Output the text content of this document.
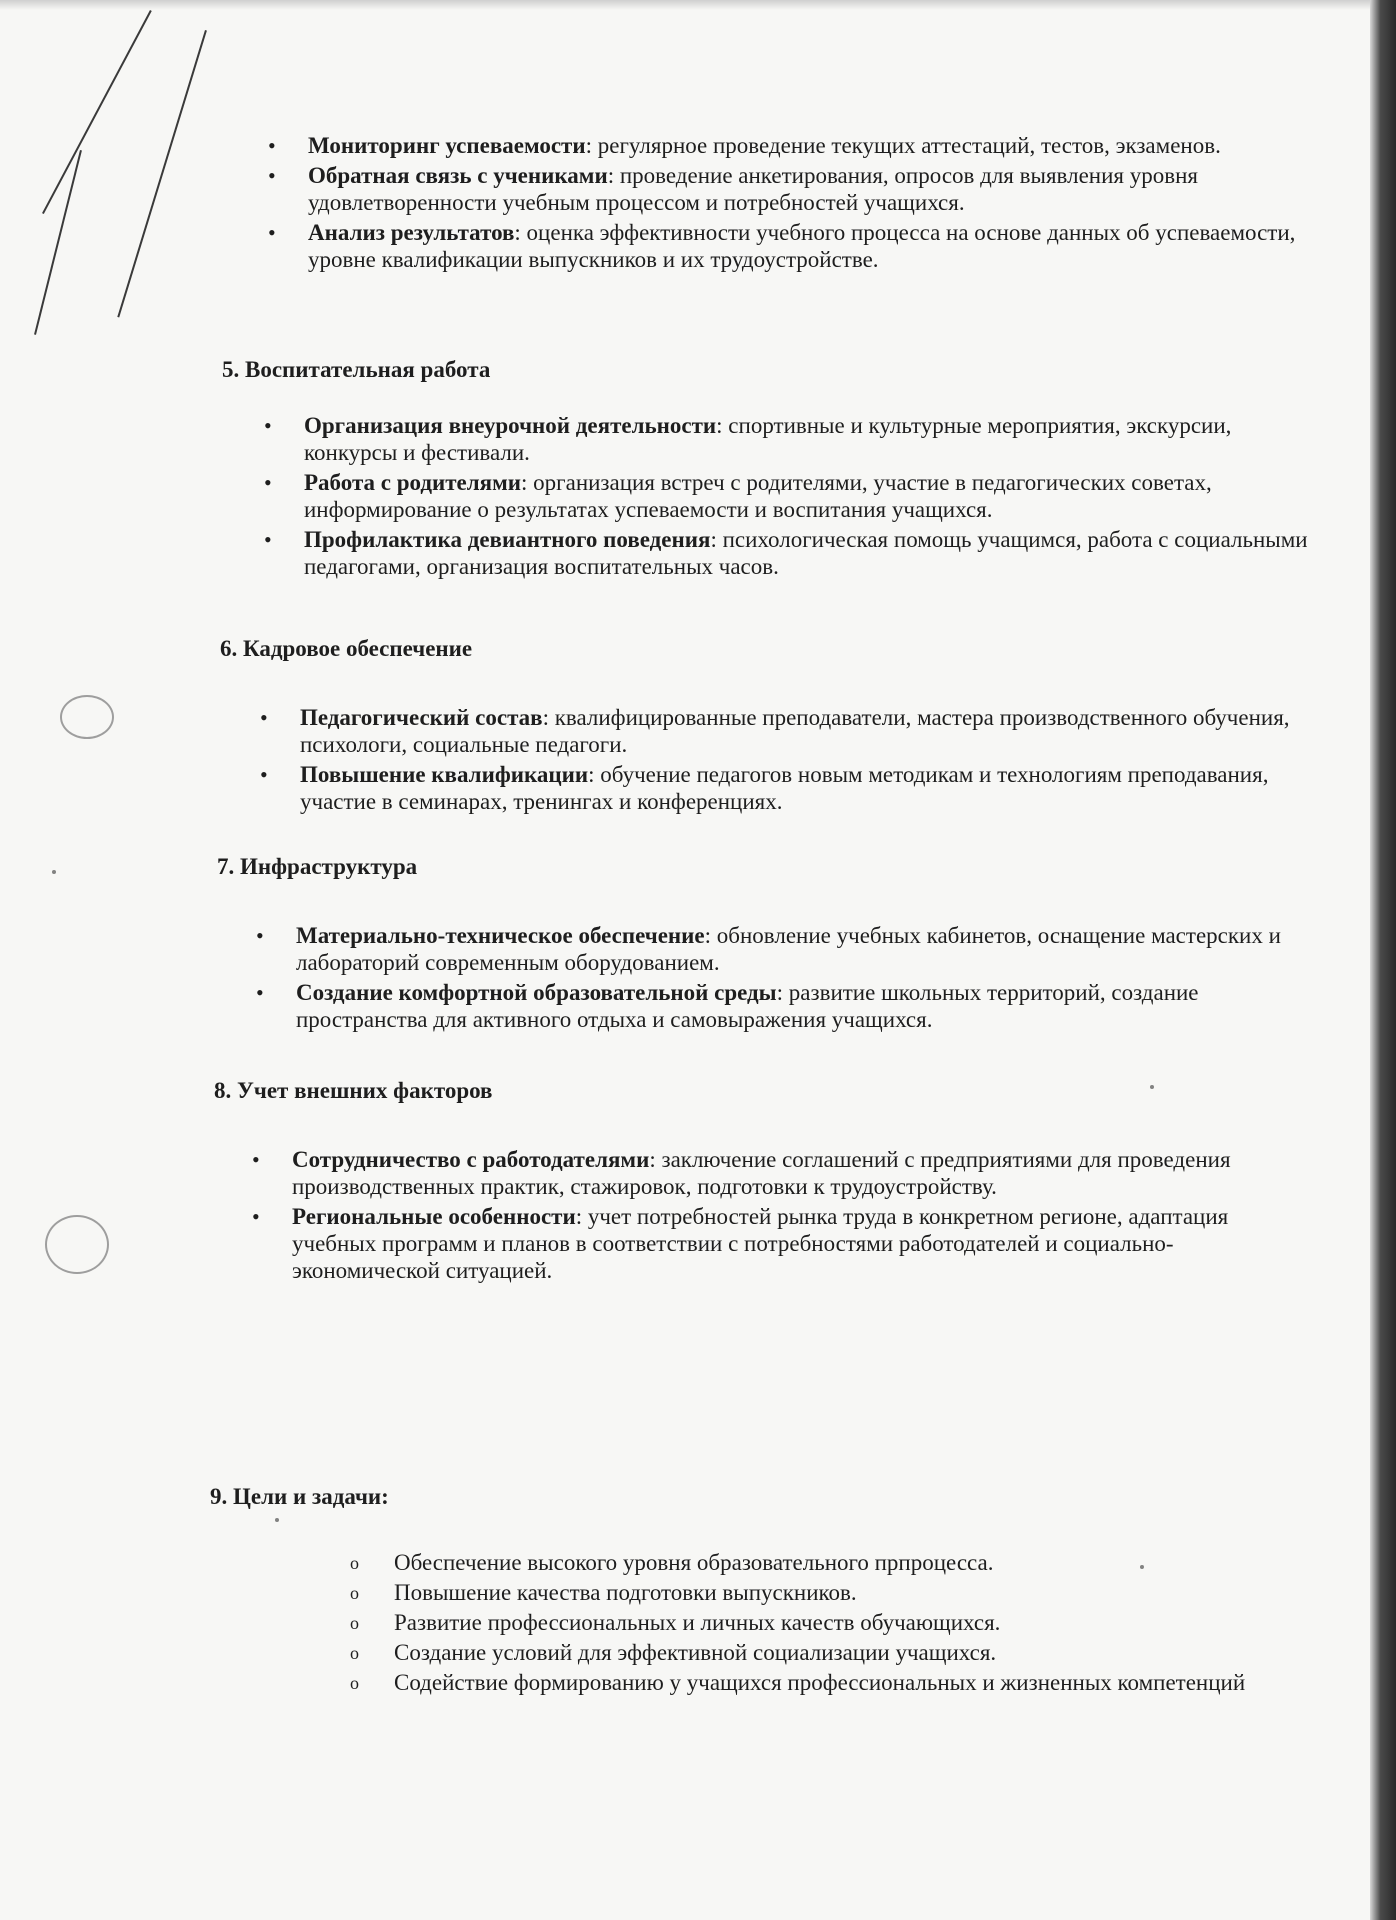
•	Мониторинг успеваемости: регулярное проведение текущих аттестаций, тестов, экзаменов.
•	Обратная связь с учениками: проведение анкетирования, опросов для выявления уровня удовлетворенности учебным процессом и потребностей учащихся.
•	Анализ результатов: оценка эффективности учебного процесса на основе данных об успеваемости, уровне квалификации выпускников и их трудоустройстве.
5. Воспитательная работа
•	Организация внеурочной деятельности: спортивные и культурные мероприятия, экскурсии, конкурсы и фестивали.
•	Работа с родителями: организация встреч с родителями, участие в педагогических советах, информирование о результатах успеваемости и воспитания учащихся.
•	Профилактика девиантного поведения: психологическая помощь учащимся, работа с социальными педагогами, организация воспитательных часов.
6. Кадровое обеспечение
•	Педагогический состав: квалифицированные преподаватели, мастера производственного обучения, психологи, социальные педагоги.
•	Повышение квалификации: обучение педагогов новым методикам и технологиям преподавания, участие в семинарах, тренингах и конференциях.
7. Инфраструктура
•	Материально-техническое обеспечение: обновление учебных кабинетов, оснащение мастерских и лабораторий современным оборудованием.
•	Создание комфортной образовательной среды: развитие школьных территорий, создание пространства для активного отдыха и самовыражения учащихся.
8. Учет внешних факторов
•	Сотрудничество с работодателями: заключение соглашений с предприятиями для проведения производственных практик, стажировок, подготовки к трудоустройству.
•	Региональные особенности: учет потребностей рынка труда в конкретном регионе, адаптация учебных программ и планов в соответствии с потребностями работодателей и социально-экономической ситуацией.
9. Цели и задачи:
o	Обеспечение высокого уровня образовательного прпроцесса.
o	Повышение качества подготовки выпускников.
o	Развитие профессиональных и личных качеств обучающихся.
o	Создание условий для эффективной социализации учащихся.
o	Содействие формированию у учащихся профессиональных и жизненных компетенций
